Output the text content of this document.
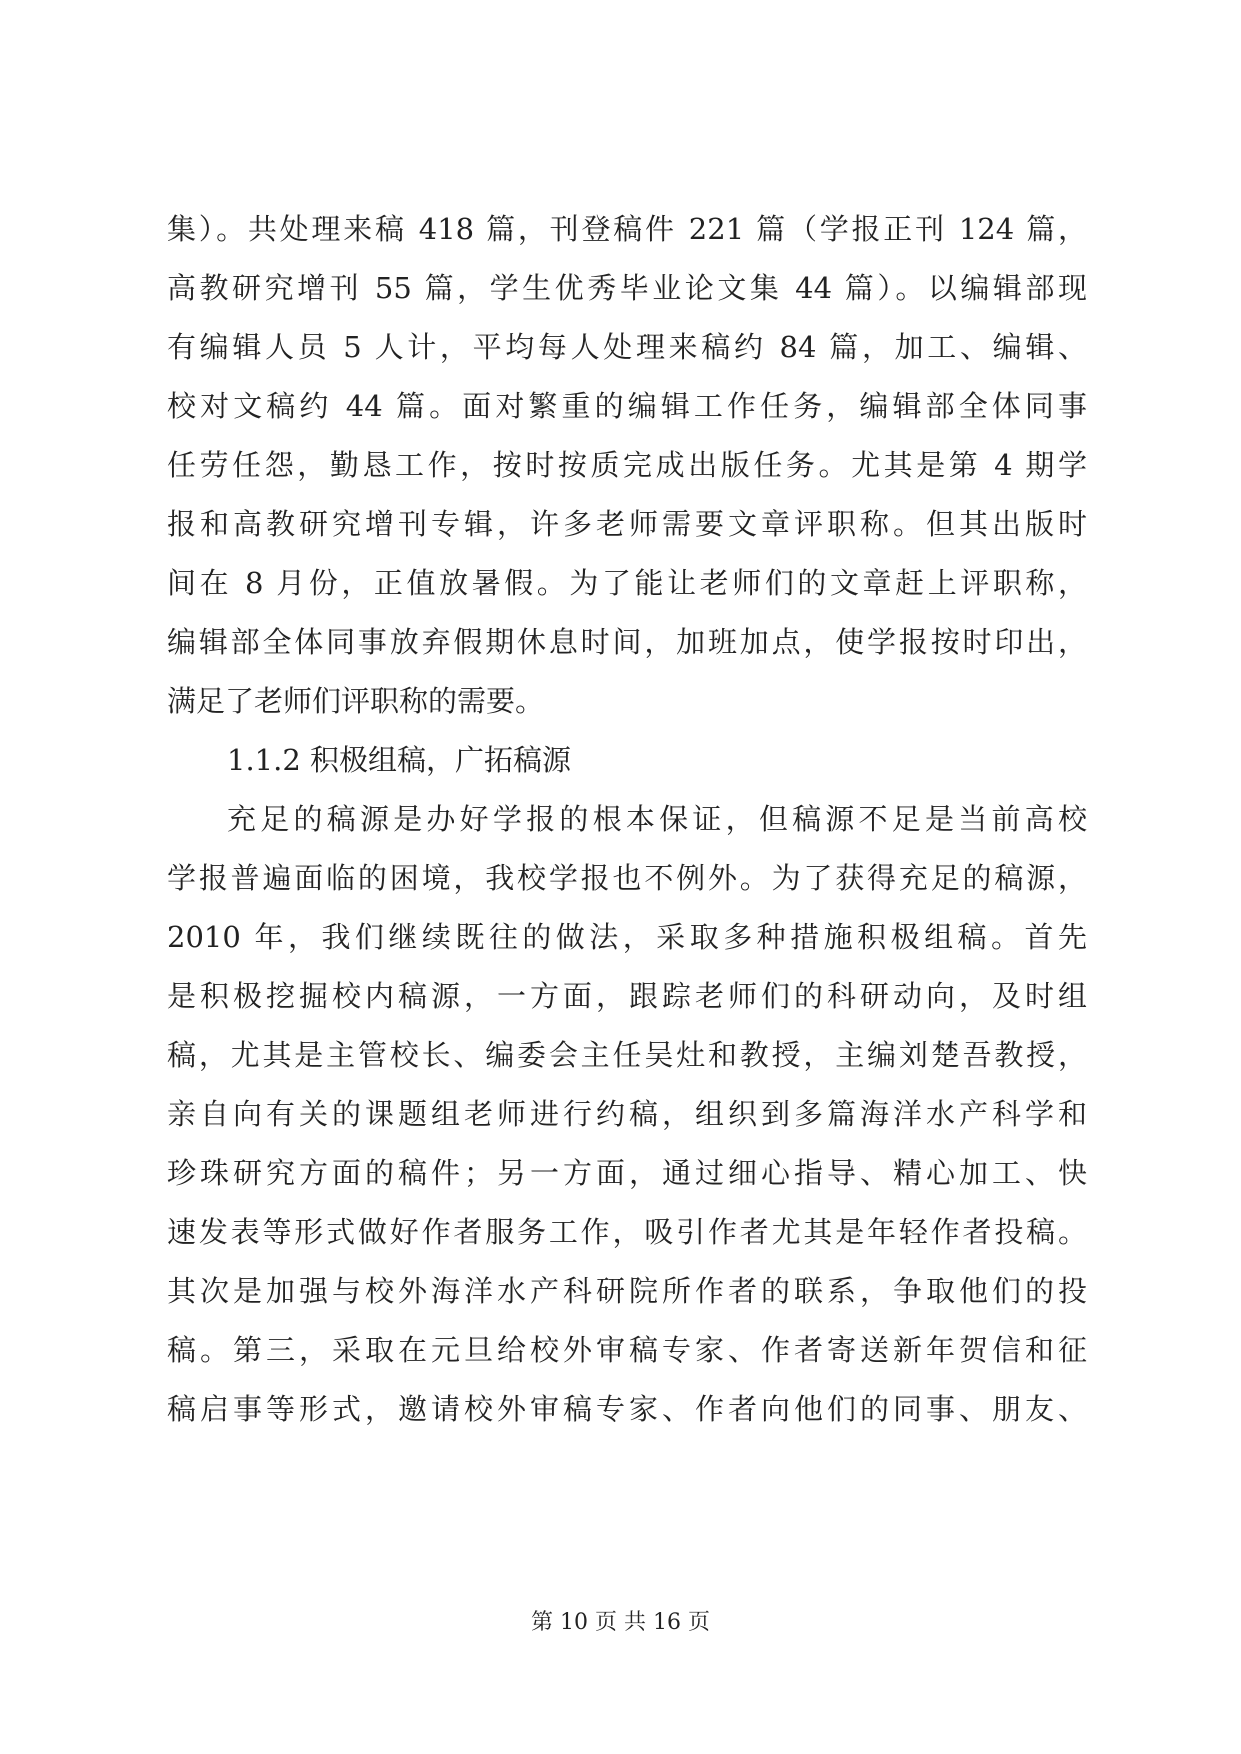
集）。共处理来稿 418 篇，刊登稿件 221 篇（学报正刊 124 篇，
高教研究增刊 55 篇，学生优秀毕业论文集 44 篇）。以编辑部现
有编辑人员 5 人计，平均每人处理来稿约 84 篇，加工、编辑、
校对文稿约 44 篇。面对繁重的编辑工作任务，编辑部全体同事
任劳任怨，勤恳工作，按时按质完成出版任务。尤其是第 4 期学
报和高教研究增刊专辑，许多老师需要文章评职称。但其出版时
间在 8 月份，正值放暑假。为了能让老师们的文章赶上评职称，
编辑部全体同事放弃假期休息时间，加班加点，使学报按时印出，
满足了老师们评职称的需要。
1.1.2 积极组稿，广拓稿源
充足的稿源是办好学报的根本保证，但稿源不足是当前高校
学报普遍面临的困境，我校学报也不例外。为了获得充足的稿源，
2010 年，我们继续既往的做法，采取多种措施积极组稿。首先
是积极挖掘校内稿源，一方面，跟踪老师们的科研动向，及时组
稿，尤其是主管校长、编委会主任吴灶和教授，主编刘楚吾教授，
亲自向有关的课题组老师进行约稿，组织到多篇海洋水产科学和
珍珠研究方面的稿件；另一方面，通过细心指导、精心加工、快
速发表等形式做好作者服务工作，吸引作者尤其是年轻作者投稿。
其次是加强与校外海洋水产科研院所作者的联系，争取他们的投
稿。第三，采取在元旦给校外审稿专家、作者寄送新年贺信和征
稿启事等形式，邀请校外审稿专家、作者向他们的同事、朋友、
第 10 页 共 16 页
